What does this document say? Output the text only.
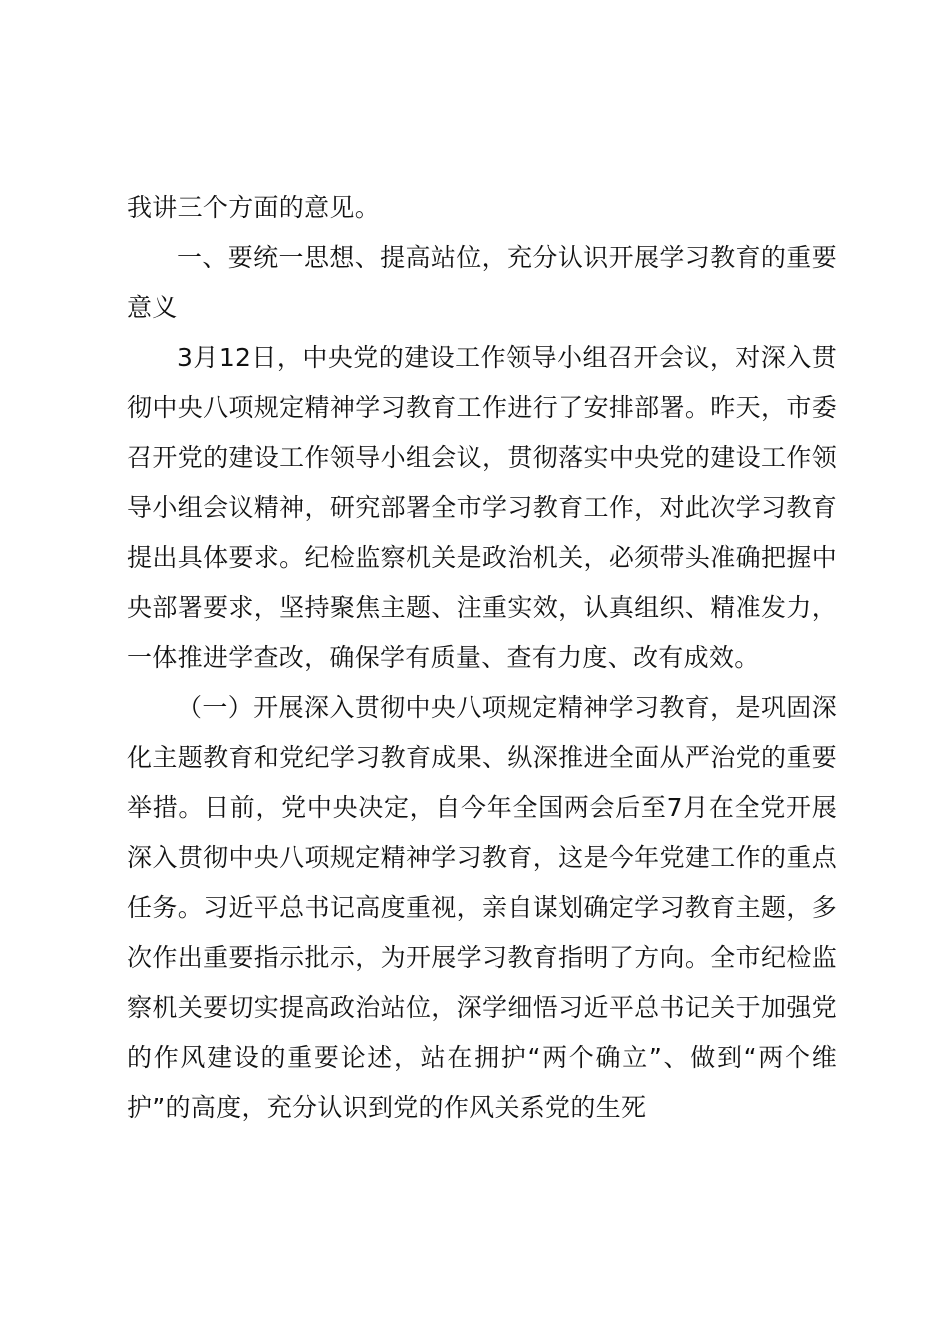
我讲三个方面的意见。

一、要统一思想、提高站位，充分认识开展学习教育的重要意义

3月12日，中央党的建设工作领导小组召开会议，对深入贯彻中央八项规定精神学习教育工作进行了安排部署。昨天，市委召开党的建设工作领导小组会议，贯彻落实中央党的建设工作领导小组会议精神，研究部署全市学习教育工作，对此次学习教育提出具体要求。纪检监察机关是政治机关，必须带头准确把握中央部署要求，坚持聚焦主题、注重实效，认真组织、精准发力，一体推进学查改，确保学有质量、查有力度、改有成效。

（一）开展深入贯彻中央八项规定精神学习教育，是巩固深化主题教育和党纪学习教育成果、纵深推进全面从严治党的重要举措。日前，党中央决定，自今年全国两会后至7月在全党开展深入贯彻中央八项规定精神学习教育，这是今年党建工作的重点任务。习近平总书记高度重视，亲自谋划确定学习教育主题，多次作出重要指示批示，为开展学习教育指明了方向。全市纪检监察机关要切实提高政治站位，深学细悟习近平总书记关于加强党的作风建设的重要论述，站在拥护“两个确立”、做到“两个维护”的高度，充分认识到党的作风关系党的生死
